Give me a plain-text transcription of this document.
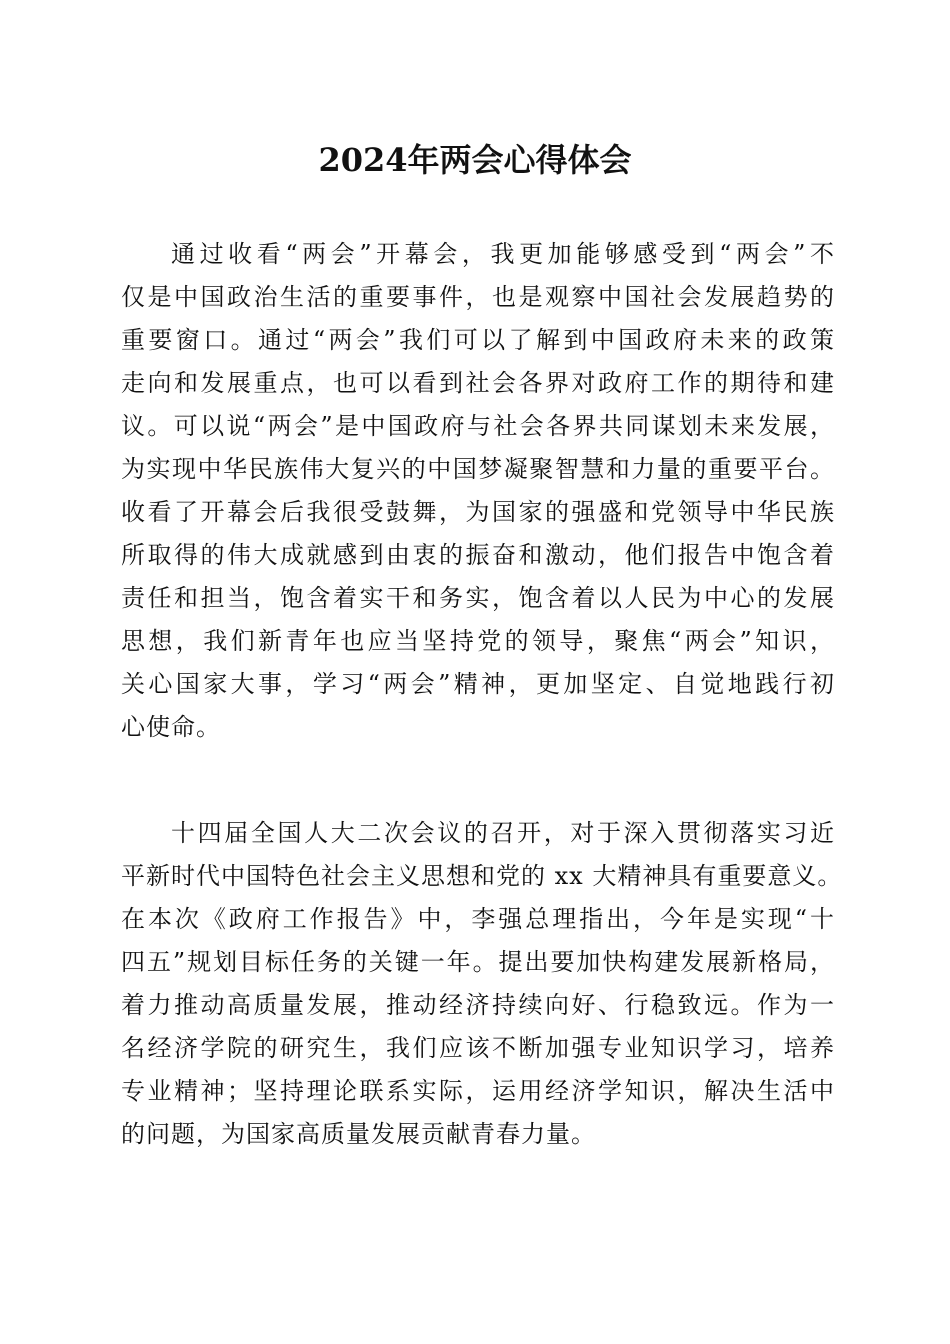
2024年两会心得体会
通过收看“两会”开幕会，我更加能够感受到“两会”不
仅是中国政治生活的重要事件，也是观察中国社会发展趋势的
重要窗口。通过“两会”我们可以了解到中国政府未来的政策
走向和发展重点，也可以看到社会各界对政府工作的期待和建
议。可以说“两会”是中国政府与社会各界共同谋划未来发展，
为实现中华民族伟大复兴的中国梦凝聚智慧和力量的重要平台。
收看了开幕会后我很受鼓舞，为国家的强盛和党领导中华民族
所取得的伟大成就感到由衷的振奋和激动，他们报告中饱含着
责任和担当，饱含着实干和务实，饱含着以人民为中心的发展
思想，我们新青年也应当坚持党的领导，聚焦“两会”知识，
关心国家大事，学习“两会”精神，更加坚定、自觉地践行初
心使命。
十四届全国人大二次会议的召开，对于深入贯彻落实习近
平新时代中国特色社会主义思想和党的 xx 大精神具有重要意义。
在本次《政府工作报告》中，李强总理指出，今年是实现“十
四五”规划目标任务的关键一年。提出要加快构建发展新格局，
着力推动高质量发展，推动经济持续向好、行稳致远。作为一
名经济学院的研究生，我们应该不断加强专业知识学习，培养
专业精神；坚持理论联系实际，运用经济学知识，解决生活中
的问题，为国家高质量发展贡献青春力量。
